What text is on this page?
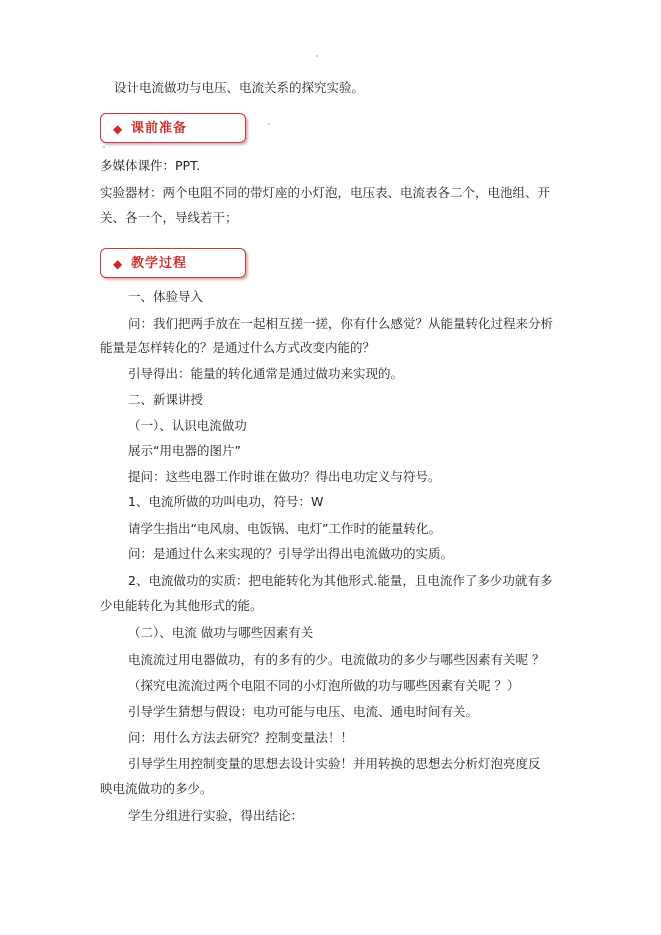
设计电流做功与电压、电流关系的探究实验。
◆ 课前准备
多媒体课件：PPT.
实验器材：两个电阻不同的带灯座的小灯泡，电压表、电流表各二个，电池组、开
关、各一个，导线若干；
◆ 教学过程
一、体验导入
问：我们把两手放在一起相互搓一搓，你有什么感觉？从能量转化过程来分析
能量是怎样转化的？是通过什么方式改变内能的？
引导得出：能量的转化通常是通过做功来实现的。
二、新课讲授
（一）、认识电流做功
展示“用电器的图片”
提问：这些电器工作时谁在做功？得出电功定义与符号。
1、电流所做的功叫电功，符号：W
请学生指出“电风扇、电饭锅、电灯”工作时的能量转化。
问：是通过什么来实现的？引导学出得出电流做功的实质。
2、电流做功的实质：把电能转化为其他形式.能量，且电流作了多少功就有多
少电能转化为其他形式的能。
（二）、电流 做功与哪些因素有关
电流流过用电器做功，有的多有的少。电流做功的多少与哪些因素有关呢 ？
（探究电流流过两个电阻不同的小灯泡所做的功与哪些因素有关呢 ？）
引导学生猜想与假设：电功可能与电压、电流、通电时间有关。
问：用什么方法去研究？控制变量法！！
引导学生用控制变量的思想去设计实验！并用转换的思想去分析灯泡亮度反
映电流做功的多少。
学生分组进行实验，得出结论：
